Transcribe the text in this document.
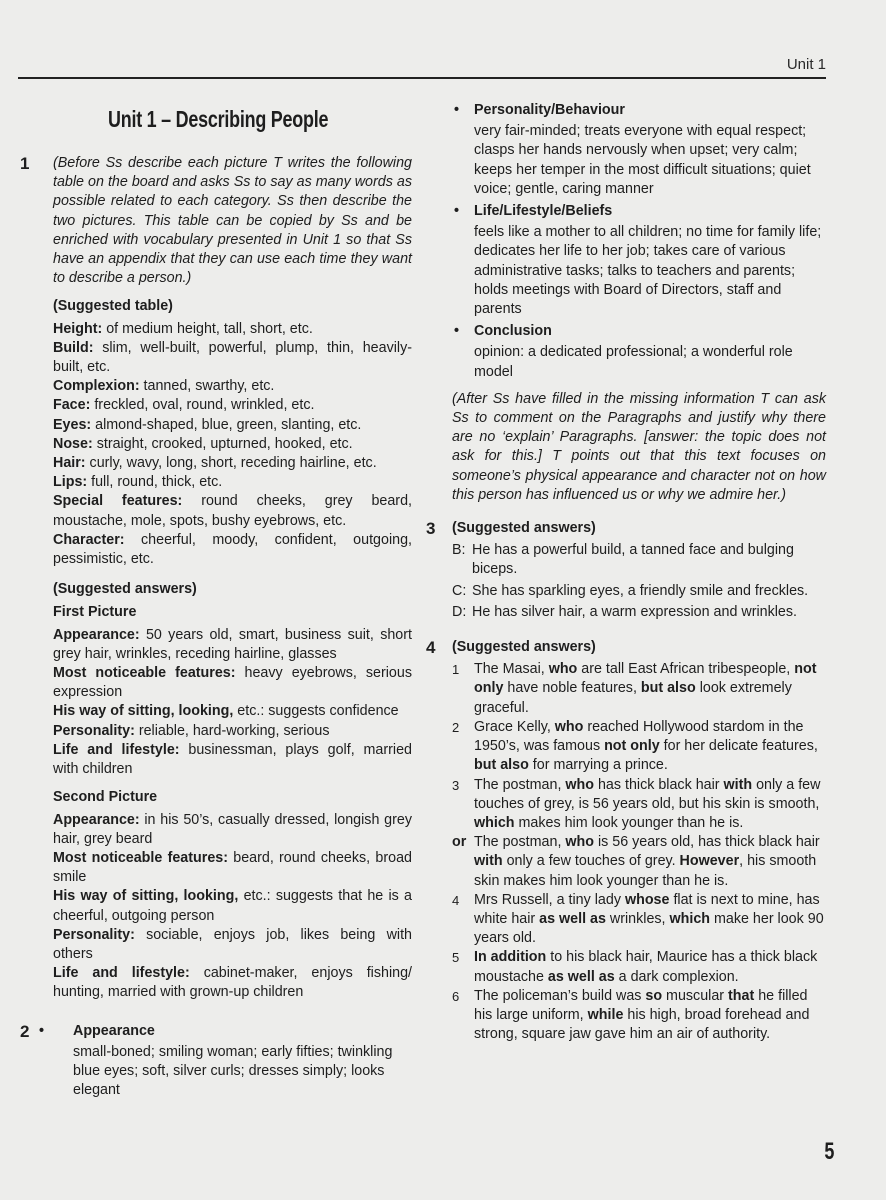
Unit 1
Unit 1 – Describing People
1 (Before Ss describe each picture T writes the following table on the board and asks Ss to say as many words as possible related to each category. Ss then describe the two pictures. This table can be copied by Ss and be enriched with vocabulary presented in Unit 1 so that Ss have an appendix that they can use each time they want to describe a person.)
(Suggested table)
Height: of medium height, tall, short, etc.
Build: slim, well-built, powerful, plump, thin, heavily-built, etc.
Complexion: tanned, swarthy, etc.
Face: freckled, oval, round, wrinkled, etc.
Eyes: almond-shaped, blue, green, slanting, etc.
Nose: straight, crooked, upturned, hooked, etc.
Hair: curly, wavy, long, short, receding hairline, etc.
Lips: full, round, thick, etc.
Special features: round cheeks, grey beard, moustache, mole, spots, bushy eyebrows, etc.
Character: cheerful, moody, confident, outgoing, pessimistic, etc.
(Suggested answers)
First Picture
Appearance: 50 years old, smart, business suit, short grey hair, wrinkles, receding hairline, glasses
Most noticeable features: heavy eyebrows, serious expression
His way of sitting, looking, etc.: suggests confidence
Personality: reliable, hard-working, serious
Life and lifestyle: businessman, plays golf, married with children
Second Picture
Appearance: in his 50’s, casually dressed, longish grey hair, grey beard
Most noticeable features: beard, round cheeks, broad smile
His way of sitting, looking, etc.: suggests that he is a cheerful, outgoing person
Personality: sociable, enjoys job, likes being with others
Life and lifestyle: cabinet-maker, enjoys fishing/ hunting, married with grown-up children
2 • Appearance
small-boned; smiling woman; early fifties; twinkling blue eyes; soft, silver curls; dresses simply; looks elegant
• Personality/Behaviour
very fair-minded; treats everyone with equal respect; clasps her hands nervously when upset; very calm; keeps her temper in the most difficult situations; quiet voice; gentle, caring manner
• Life/Lifestyle/Beliefs
feels like a mother to all children; no time for family life; dedicates her life to her job; takes care of various administrative tasks; talks to teachers and parents; holds meetings with Board of Directors, staff and parents
• Conclusion
opinion: a dedicated professional; a wonderful role model
(After Ss have filled in the missing information T can ask Ss to comment on the Paragraphs and justify why there are no ‘explain’ Paragraphs. [answer: the topic does not ask for this.] T points out that this text focuses on someone’s physical appearance and character not on how this person has influenced us or why we admire her.)
3 (Suggested answers)
B: He has a powerful build, a tanned face and bulging biceps.
C: She has sparkling eyes, a friendly smile and freckles.
D: He has silver hair, a warm expression and wrinkles.
4 (Suggested answers)
1 The Masai, who are tall East African tribespeople, not only have noble features, but also look extremely graceful.
2 Grace Kelly, who reached Hollywood stardom in the 1950’s, was famous not only for her delicate features, but also for marrying a prince.
3 The postman, who has thick black hair with only a few touches of grey, is 56 years old, but his skin is smooth, which makes him look younger than he is.
or The postman, who is 56 years old, has thick black hair with only a few touches of grey. However, his smooth skin makes him look younger than he is.
4 Mrs Russell, a tiny lady whose flat is next to mine, has white hair as well as wrinkles, which make her look 90 years old.
5 In addition to his black hair, Maurice has a thick black moustache as well as a dark complexion.
6 The policeman’s build was so muscular that he filled his large uniform, while his high, broad forehead and strong, square jaw gave him an air of authority.
5
